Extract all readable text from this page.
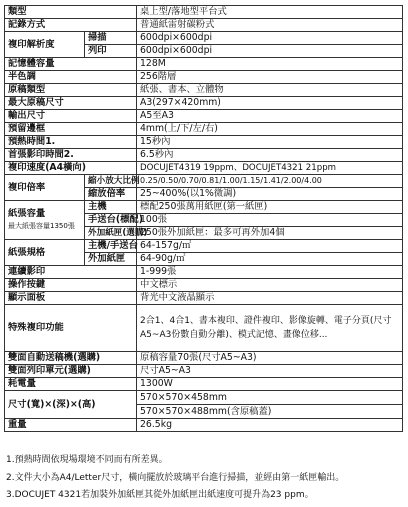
類型		桌上型/落地型平台式
記錄方式		普通紙雷射碳粉式
複印解析度	掃描	600dpi×600dpi
	列印	600dpi×600dpi
記憶體容量		128M
半色調		256階層
原稿類型		紙張、書本、立體物
最大原稿尺寸		A3(297×420mm)
輸出尺寸		A5至A3
預留邊框		4mm(上/下/左/右)
預熱時間1.		15秒內
首張影印時間2.		6.5秒內
複印速度(A4橫向)		DOCUJET4319 19ppm、DOCUJET4321 21ppm
複印倍率	縮小放大比例	0.25/0.50/0.70/0.81/1.00/1.15/1.41/2.00/4.00
	縮放倍率	25~400%(以1%微調)

紙張容量
最大紙張容量1350張	主機	標配250張萬用紙匣(第一紙匣)
	手送台(標配)	100張
	外加紙匣(選購)	250張外加紙匣：最多可再外加4個
紙張規格	主機/手送台	64-157g/㎡
	外加紙匣	64-90g/㎡
連續影印		1-999張
操作按鍵		中文標示
顯示面板		背光中文液晶顯示
特殊複印功能		2合1、4合1、書本複印、證件複印、影像旋轉、電子分頁(尺寸A5~A3份數自動分離)、模式記憶、畫像位移...
雙面自動送稿機(選購)		原稿容量70張(尺寸A5~A3)
雙面列印單元(選購)		尺寸A5~A3
耗電量		1300W
尺寸(寬)×(深)×(高)		570×570×458mm
		570×570×488mm(含原稿蓋)
重量		26.5kg
1.預熱時間依現場環境不同而有所差異。
2.文件大小為A4/Letter尺寸，橫向擺放於玻璃平台進行掃描，並經由第一紙匣輸出。
3.DOCUJET 4321若加裝外加紙匣其從外加紙匣出紙速度可提升為23 ppm。
